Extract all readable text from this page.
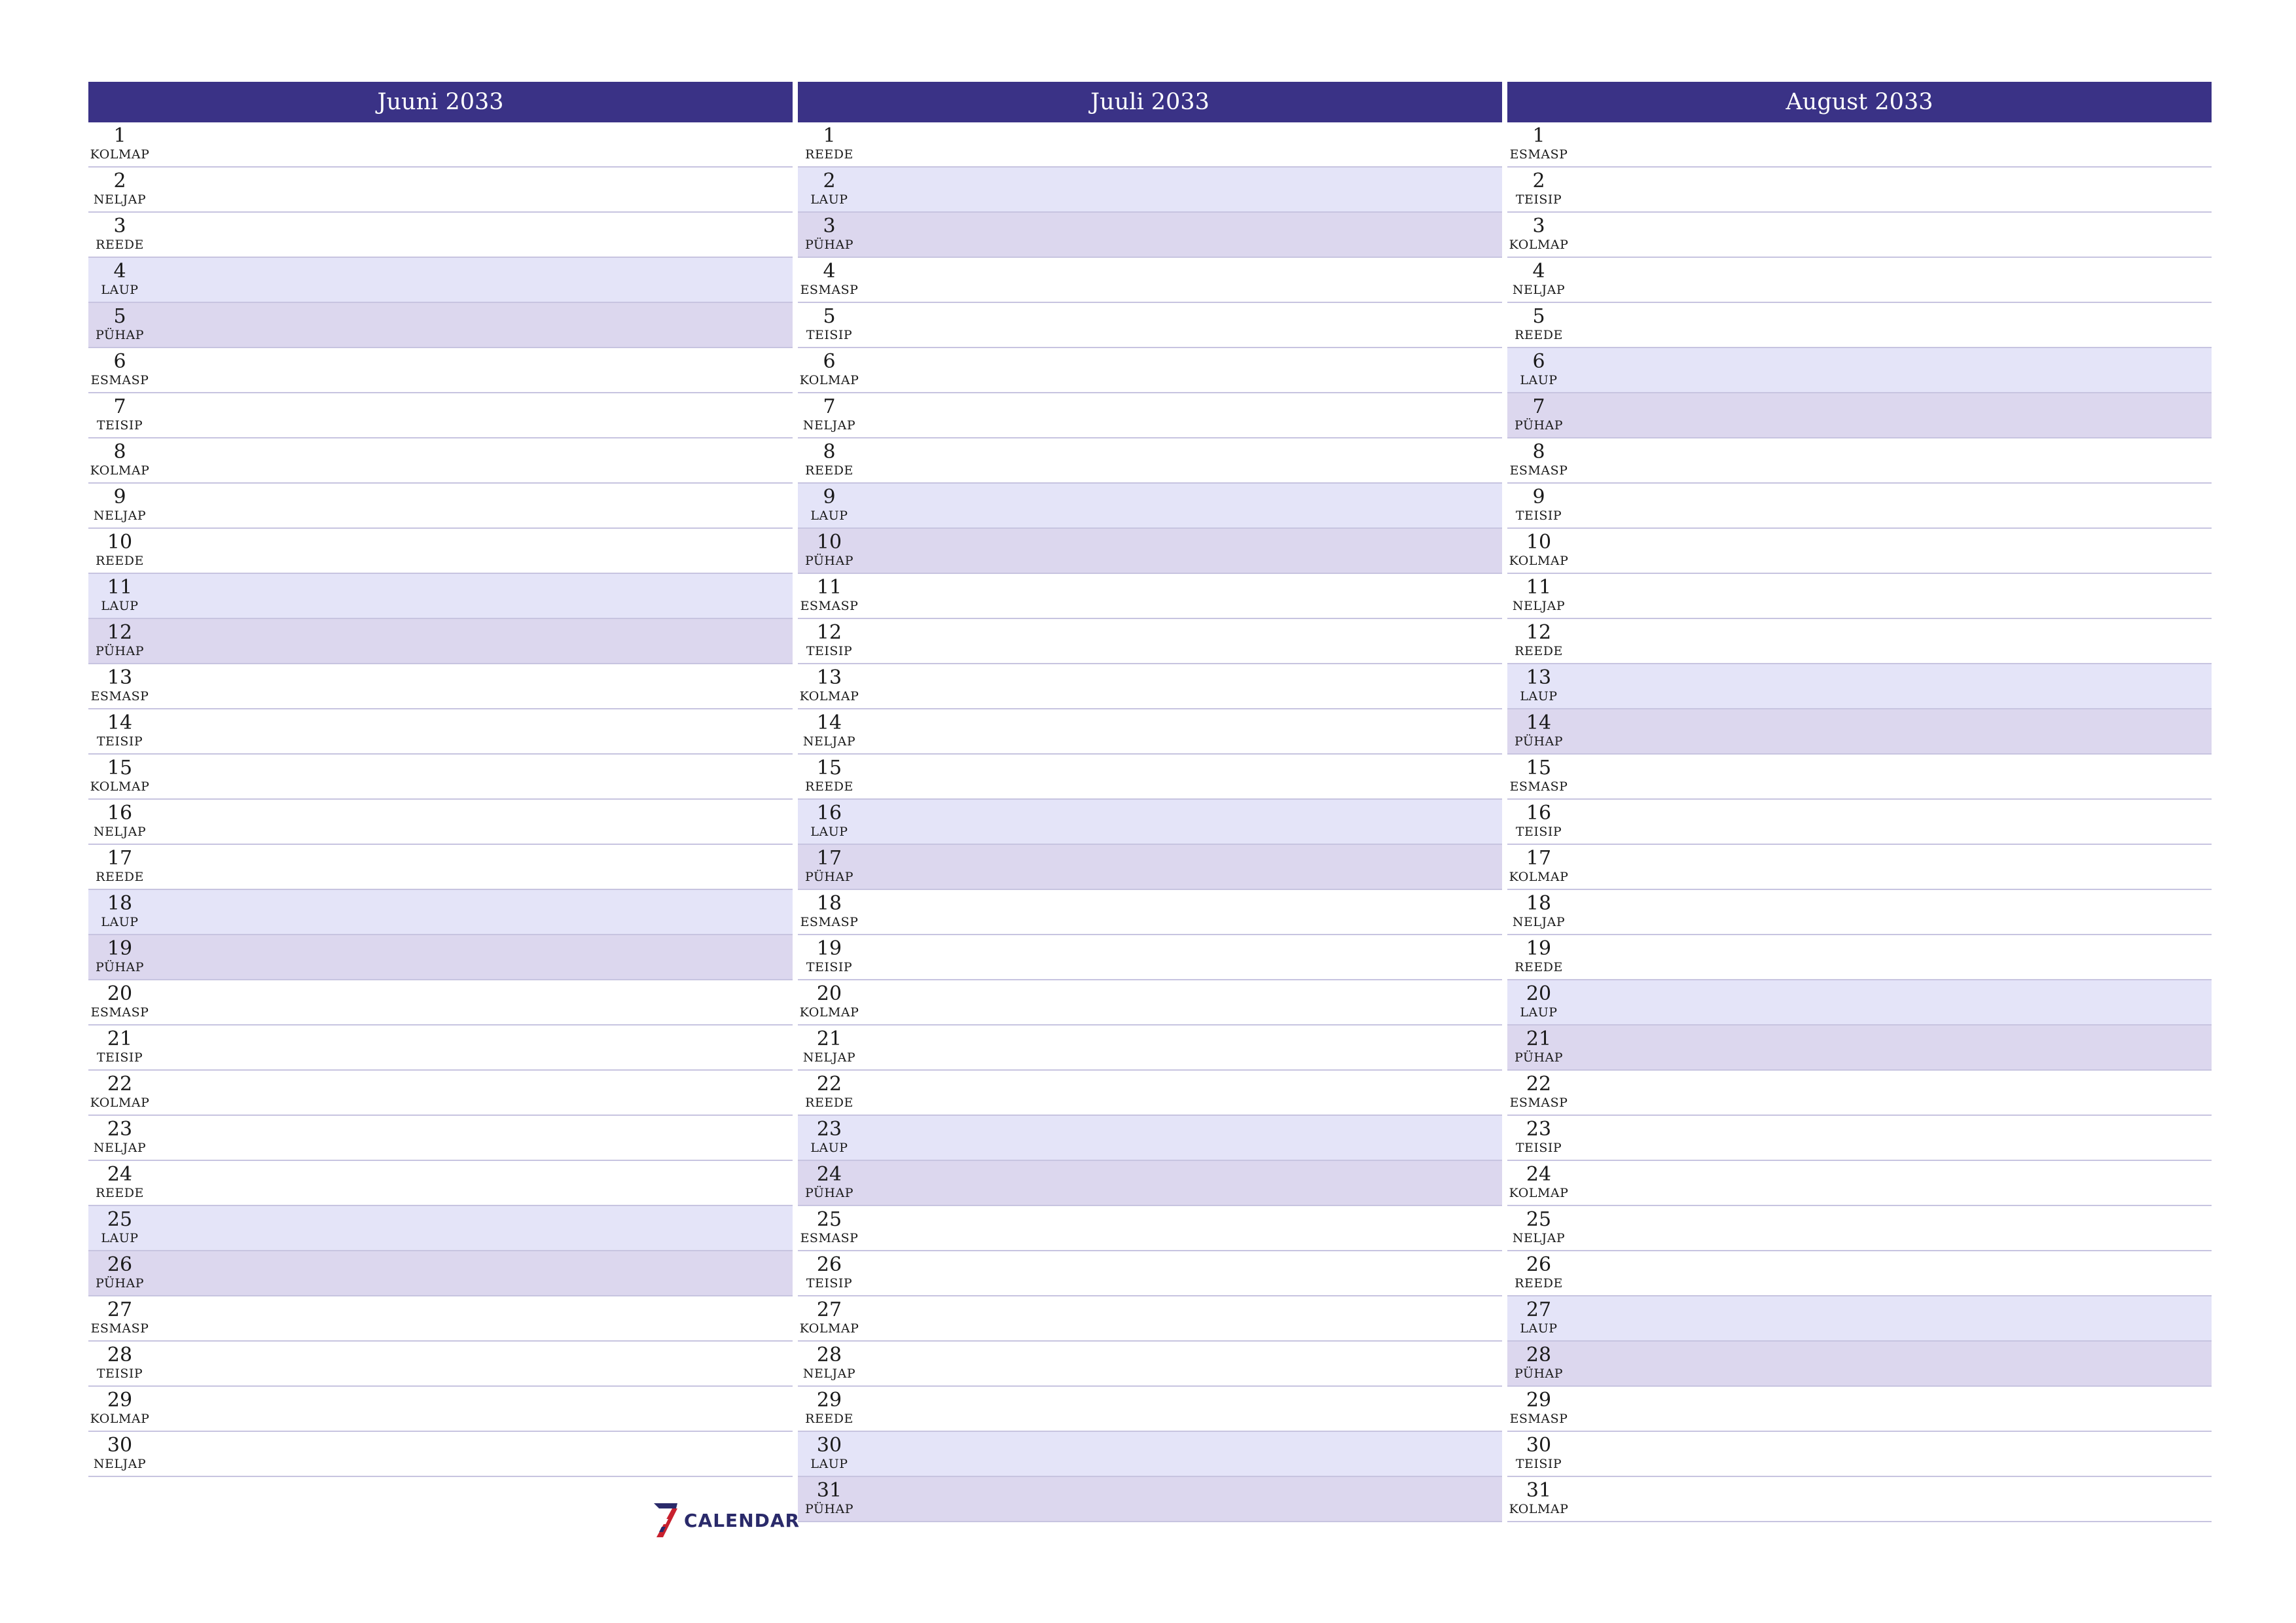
Juuni 2033
1
KOLMAP
2
NELJAP
3
REEDE
4
LAUP
5
PÜHAP
6
ESMASP
7
TEISIP
8
KOLMAP
9
NELJAP
10
REEDE
11
LAUP
12
PÜHAP
13
ESMASP
14
TEISIP
15
KOLMAP
16
NELJAP
17
REEDE
18
LAUP
19
PÜHAP
20
ESMASP
21
TEISIP
22
KOLMAP
23
NELJAP
24
REEDE
25
LAUP
26
PÜHAP
27
ESMASP
28
TEISIP
29
KOLMAP
30
NELJAP
Juuli 2033
1
REEDE
2
LAUP
3
PÜHAP
4
ESMASP
5
TEISIP
6
KOLMAP
7
NELJAP
8
REEDE
9
LAUP
10
PÜHAP
11
ESMASP
12
TEISIP
13
KOLMAP
14
NELJAP
15
REEDE
16
LAUP
17
PÜHAP
18
ESMASP
19
TEISIP
20
KOLMAP
21
NELJAP
22
REEDE
23
LAUP
24
PÜHAP
25
ESMASP
26
TEISIP
27
KOLMAP
28
NELJAP
29
REEDE
30
LAUP
31
PÜHAP
August 2033
1
ESMASP
2
TEISIP
3
KOLMAP
4
NELJAP
5
REEDE
6
LAUP
7
PÜHAP
8
ESMASP
9
TEISIP
10
KOLMAP
11
NELJAP
12
REEDE
13
LAUP
14
PÜHAP
15
ESMASP
16
TEISIP
17
KOLMAP
18
NELJAP
19
REEDE
20
LAUP
21
PÜHAP
22
ESMASP
23
TEISIP
24
KOLMAP
25
NELJAP
26
REEDE
27
LAUP
28
PÜHAP
29
ESMASP
30
TEISIP
31
KOLMAP
CALENDAR
